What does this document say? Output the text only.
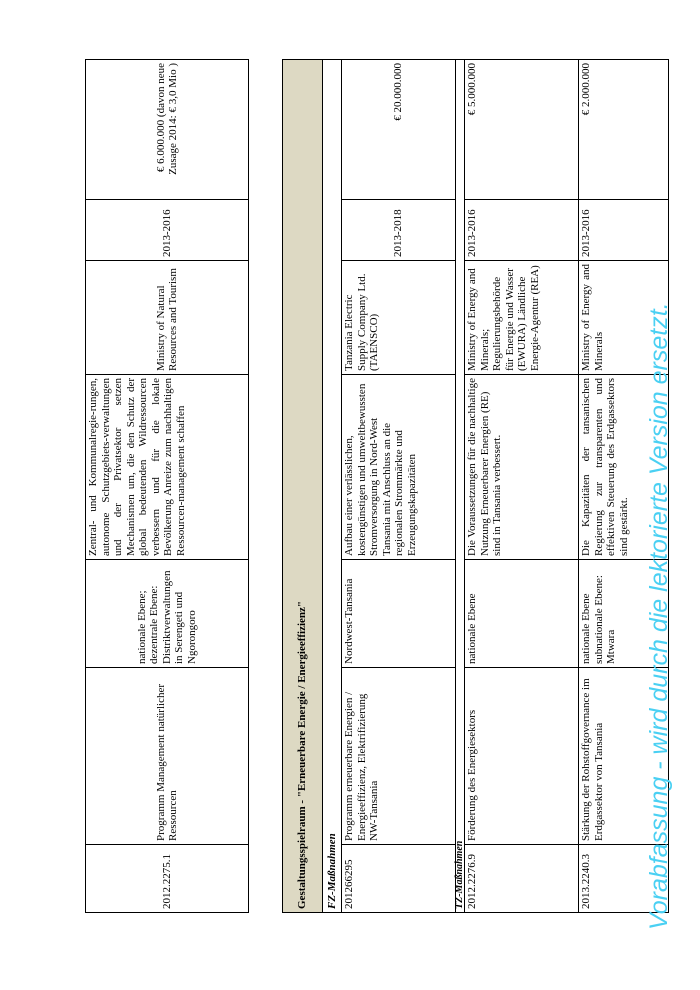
2012.2275.1	Programm Management natürlicher Ressourcen	nationale Ebene; dezentrale Ebene: Distriktverwaltungen in Serengeti und Ngorongoro	Zentral- und Kommunalregie-rungen, autonome Schutzgebiets-verwaltungen und der Privatsektor setzen Mechanismen um, die den Schutz der global bedeutenden Wildressourcen verbessern und für die lokale Bevölkerung Anreize zum nachhaltigen Ressourcen-management schaffen	Ministry of Natural Resources and Tourism	2013-2016	€ 6.000.000 (davon neue Zusage 2014: € 3,0 Mio )
Gestaltungsspielraum - "Erneuerbare Energie / Energieeffizienz"						
FZ-Maßnahmen						
201266295	Programm erneuerbare Energien / Energieeffizienz, Elektrifizierung NW-Tansania	Nordwest-Tansania	Aufbau einer verlässlichen, kostengünstigen und umweltbewussten Stromversorgung in Nord-West Tansania mit Anschluss an die regionalen Strommärkte und Erzeugungskapazitäten	Tanzania Electric Supply Company Ltd. (TAENSCO)	2013-2018	€ 20.000.000
TZ-Maßnahmen						
2012.2276.9	Förderung des Energiesektors	nationale Ebene	Die Voraussetzungen für die nachhaltige Nutzung Erneuerbarer Energien (RE) sind in Tansania verbessert.	Ministry of Energy and Minerals; Regulierungsbehörde für Energie und Wasser (EWURA) Ländliche Energie-Agentur (REA)	2013-2016	€ 5.000.000
2013.2240.3	Stärkung der Rohstoffgovernance im Erdgassektor von Tansania	nationale Ebene subnationale Ebene: Mtwara	Die Kapazitäten der tansanischen Regierung zur transparenten und effektiven Steuerung des Erdgassektors sind gestärkt.	Ministry of Energy and Minerals	2013-2016	€ 2.000.000
Vorabfassung - wird durch die lektorierte Version ersetzt.
